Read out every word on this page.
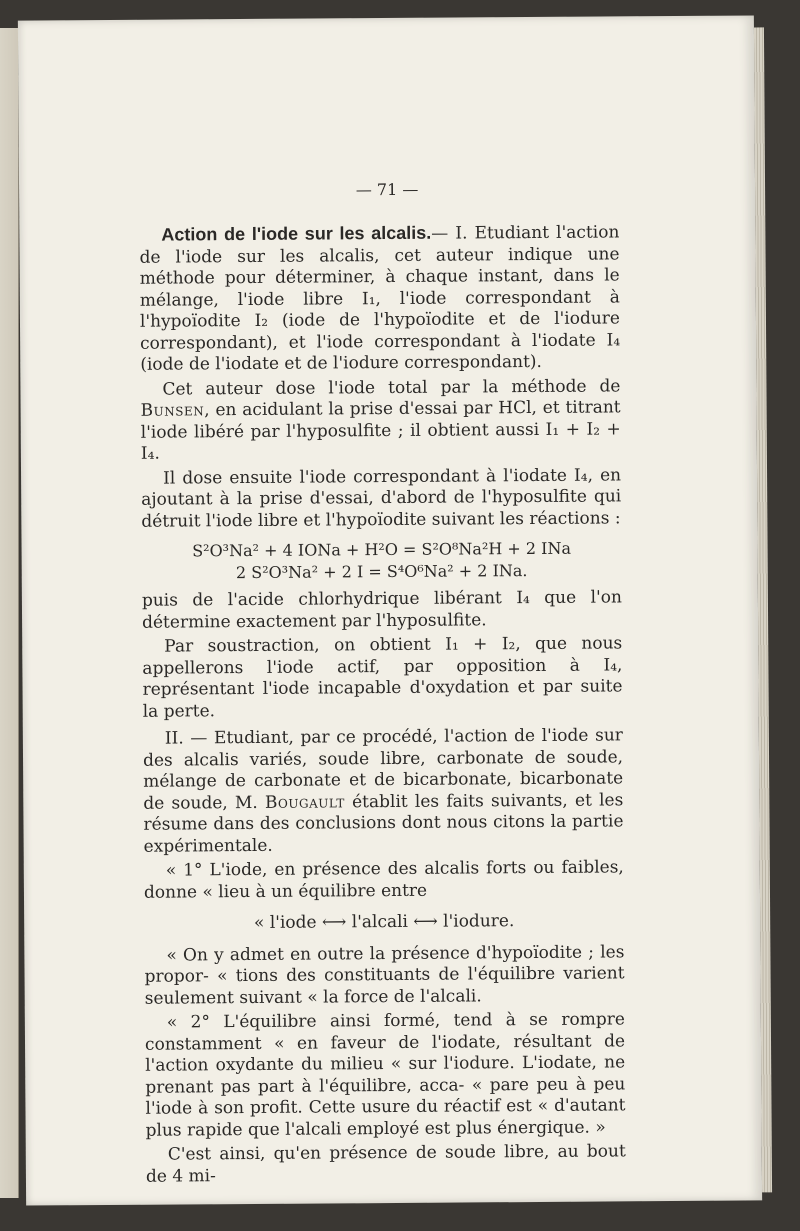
— 71 —

Action de l'iode sur les alcalis.— I. Etudiant l'action de l'iode sur les alcalis, cet auteur indique une méthode pour déterminer, à chaque instant, dans le mélange, l'iode libre I₁, l'iode correspondant à l'hypoïodite I₂ (iode de l'hypoïodite et de l'iodure correspondant), et l'iode correspondant à l'iodate I₄ (iode de l'iodate et de l'iodure correspondant).

Cet auteur dose l'iode total par la méthode de Bunsen, en acidulant la prise d'essai par HCl, et titrant l'iode libéré par l'hyposulfite ; il obtient aussi I₁ + I₂ + I₄.

Il dose ensuite l'iode correspondant à l'iodate I₄, en ajoutant à la prise d'essai, d'abord de l'hyposulfite qui détruit l'iode libre et l'hypoïodite suivant les réactions :

S²O³Na² + 4 IONa + H²O = S²O⁸Na²H + 2 INa
2 S²O³Na² + 2 I = S⁴O⁶Na² + 2 INa.

puis de l'acide chlorhydrique libérant I₄ que l'on détermine exactement par l'hyposulfite.

Par soustraction, on obtient I₁ + I₂, que nous appellerons l'iode actif, par opposition à I₄, représentant l'iode incapable d'oxydation et par suite la perte.

II. — Etudiant, par ce procédé, l'action de l'iode sur des alcalis variés, soude libre, carbonate de soude, mélange de carbonate et de bicarbonate, bicarbonate de soude, M. Bougault établit les faits suivants, et les résume dans des conclusions dont nous citons la partie expérimentale.

« 1° L'iode, en présence des alcalis forts ou faibles, donne « lieu à un équilibre entre

« l'iode ⟷ l'alcali ⟷ l'iodure.

« On y admet en outre la présence d'hypoïodite ; les propor- « tions des constituants de l'équilibre varient seulement suivant « la force de l'alcali.

« 2° L'équilibre ainsi formé, tend à se rompre constamment « en faveur de l'iodate, résultant de l'action oxydante du milieu « sur l'iodure. L'iodate, ne prenant pas part à l'équilibre, acca- « pare peu à peu l'iode à son profit. Cette usure du réactif est « d'autant plus rapide que l'alcali employé est plus énergique. »

C'est ainsi, qu'en présence de soude libre, au bout de 4 mi-
